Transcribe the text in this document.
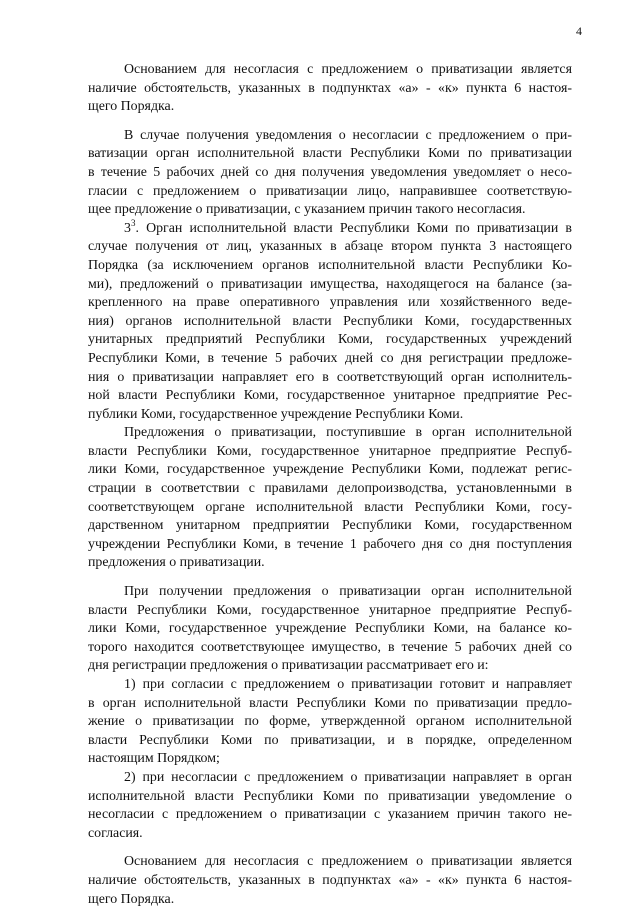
4
Основанием для несогласия с предложением о приватизации является
наличие обстоятельств, указанных в подпунктах «а» - «к» пункта 6 настоя-
щего Порядка.
В случае получения уведомления о несогласии с предложением о при-
ватизации орган исполнительной власти Республики Коми по приватизации
в течение 5 рабочих дней со дня получения уведомления уведомляет о несо-
гласии с предложением о приватизации лицо, направившее соответствую-
щее предложение о приватизации, с указанием причин такого несогласия.
$3^3$. Орган исполнительной власти Республики Коми по приватизации в
случае получения от лиц, указанных в абзаце втором пункта 3 настоящего
Порядка (за исключением органов исполнительной власти Республики Ко-
ми), предложений о приватизации имущества, находящегося на балансе (за-
крепленного на праве оперативного управления или хозяйственного веде-
ния) органов исполнительной власти Республики Коми, государственных
унитарных предприятий Республики Коми, государственных учреждений
Республики Коми, в течение 5 рабочих дней со дня регистрации предложе-
ния о приватизации направляет его в соответствующий орган исполнитель-
ной власти Республики Коми, государственное унитарное предприятие Рес-
публики Коми, государственное учреждение Республики Коми.
Предложения о приватизации, поступившие в орган исполнительной
власти Республики Коми, государственное унитарное предприятие Респуб-
лики Коми, государственное учреждение Республики Коми, подлежат регис-
страции в соответствии с правилами делопроизводства, установленными в
соответствующем органе исполнительной власти Республики Коми, госу-
дарственном унитарном предприятии Республики Коми, государственном
учреждении Республики Коми, в течение 1 рабочего дня со дня поступления
предложения о приватизации.
При получении предложения о приватизации орган исполнительной
власти Республики Коми, государственное унитарное предприятие Респуб-
лики Коми, государственное учреждение Республики Коми, на балансе ко-
торого находится соответствующее имущество, в течение 5 рабочих дней со
дня регистрации предложения о приватизации рассматривает его и:
1) при согласии с предложением о приватизации готовит и направляет
в орган исполнительной власти Республики Коми по приватизации предло-
жение о приватизации по форме, утвержденной органом исполнительной
власти Республики Коми по приватизации, и в порядке, определенном
настоящим Порядком;
2) при несогласии с предложением о приватизации направляет в орган
исполнительной власти Республики Коми по приватизации уведомление о
несогласии с предложением о приватизации с указанием причин такого не-
согласия.
Основанием для несогласия с предложением о приватизации является
наличие обстоятельств, указанных в подпунктах «а» - «к» пункта 6 настоя-
щего Порядка.
